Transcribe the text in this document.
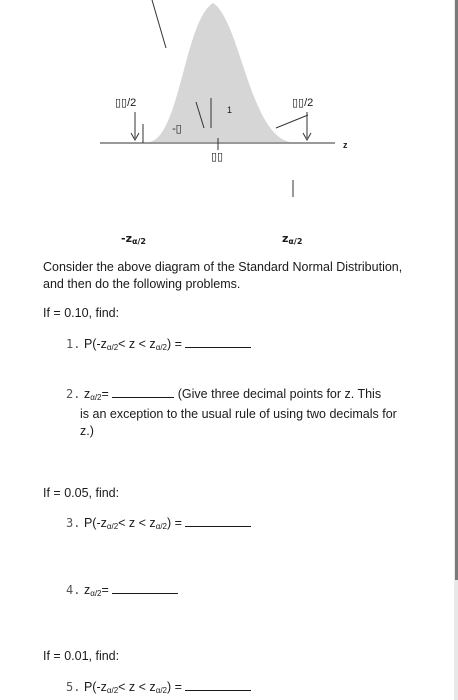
▯▯/2	▯▯/2
1
-▯
▯▯
z
-zα/2	zα/2
Consider the above diagram of the Standard Normal Distribution,
and then do the following problems.
If = 0.10, find:
1. $P(-z_{\alpha/2}< z < z_{\alpha/2})$ =
2. $z_{\alpha/2}=$	(Give three decimal points for z. This
is an exception to the usual rule of using two decimals for
z.)
If = 0.05, find:
3. $P(-z_{\alpha/2}< z < z_{\alpha/2})$ =
4. $z_{\alpha/2}=$
If = 0.01, find:
5. $P(-z_{\alpha/2}< z < z_{\alpha/2})$ =
